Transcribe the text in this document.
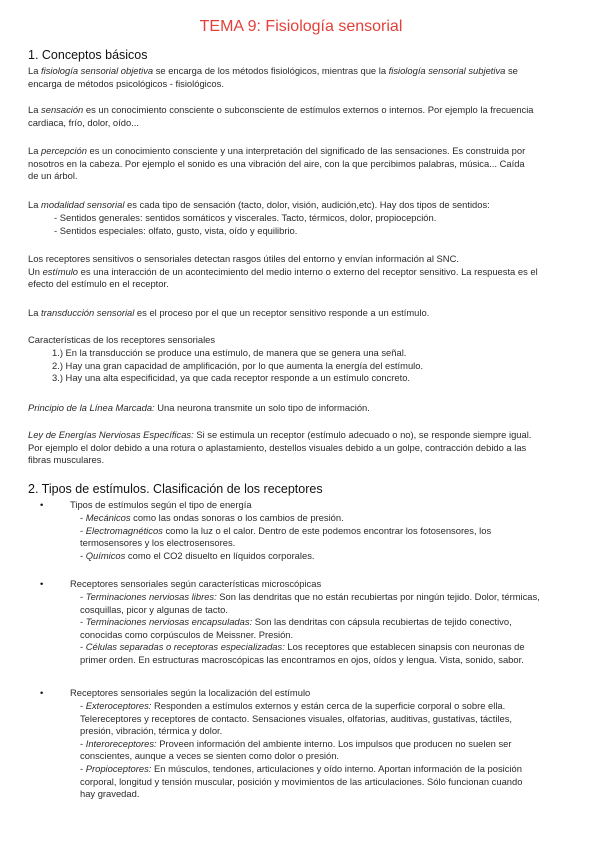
TEMA 9: Fisiología sensorial
1. Conceptos básicos
La fisiología sensorial objetiva se encarga de los métodos fisiológicos, mientras que la fisiología sensorial subjetiva se
encarga de métodos psicológicos - fisiológicos.
La sensación es un conocimiento consciente o subconsciente de estímulos externos o internos. Por ejemplo la frecuencia
cardiaca, frío, dolor, oído...
La percepción es un conocimiento consciente y una interpretación del significado de las sensaciones. Es construida por
nosotros en la cabeza. Por ejemplo el sonido es una vibración del aire, con la que percibimos palabras, música... Caída
de un árbol.
La modalidad sensorial es cada tipo de sensación (tacto, dolor, visión, audición,etc). Hay dos tipos de sentidos:
- Sentidos generales: sentidos somáticos y viscerales. Tacto, térmicos, dolor, propiocepción.
- Sentidos especiales: olfato, gusto, vista, oído y equilibrio.
Los receptores sensitivos o sensoriales detectan rasgos útiles del entorno y envían información al SNC.
Un estímulo es una interacción de un acontecimiento del medio interno o externo del receptor sensitivo. La respuesta es el
efecto del estímulo en el receptor.
La transducción sensorial es el proceso por el que un receptor sensitivo responde a un estímulo.
Características de los receptores sensoriales
1.) En la transducción se produce una estímulo, de manera que se genera una señal.
2.) Hay una gran capacidad de amplificación, por lo que aumenta la energía del estímulo.
3.) Hay una alta especificidad, ya que cada receptor responde a un estímulo concreto.
Principio de la Línea Marcada: Una neurona transmite un solo tipo de información.
Ley de Energías Nerviosas Específicas: Si se estimula un receptor (estímulo adecuado o no), se responde siempre igual.
Por ejemplo el dolor debido a una rotura o aplastamiento, destellos visuales debido a un golpe, contracción debido a las
fibras musculares.
2. Tipos de estímulos. Clasificación de los receptores
•	Tipos de estímulos según el tipo de energía
- Mecánicos como las ondas sonoras o los cambios de presión.
- Electromagnéticos como la luz o el calor. Dentro de este podemos encontrar los fotosensores, los
termosensores y los electrosensores.
- Químicos como el CO2 disuelto en líquidos corporales.
•	Receptores sensoriales según características microscópicas
- Terminaciones nerviosas libres: Son las dendritas que no están recubiertas por ningún tejido. Dolor, térmicas,
cosquillas, picor y algunas de tacto.
- Terminaciones nerviosas encapsuladas: Son las dendritas con cápsula recubiertas de tejido conectivo,
conocidas como corpúsculos de Meissner. Presión.
- Células separadas o receptoras especializadas: Los receptores que establecen sinapsis con neuronas de
primer orden. En estructuras macroscópicas las encontramos en ojos, oídos y lengua. Vista, sonido, sabor.
•	Receptores sensoriales según la localización del estímulo
- Exteroceptores: Responden a estímulos externos y están cerca de la superficie corporal o sobre ella.
Telereceptores y receptores de contacto. Sensaciones visuales, olfatorias, auditivas, gustativas, táctiles,
presión, vibración, térmica y dolor.
- Interoreceptores: Proveen información del ambiente interno. Los impulsos que producen no suelen ser
conscientes, aunque a veces se sienten como dolor o presión.
- Propioceptores: En músculos, tendones, articulaciones y oído interno. Aportan información de la posición
corporal, longitud y tensión muscular, posición y movimientos de las articulaciones. Sólo funcionan cuando
hay gravedad.
